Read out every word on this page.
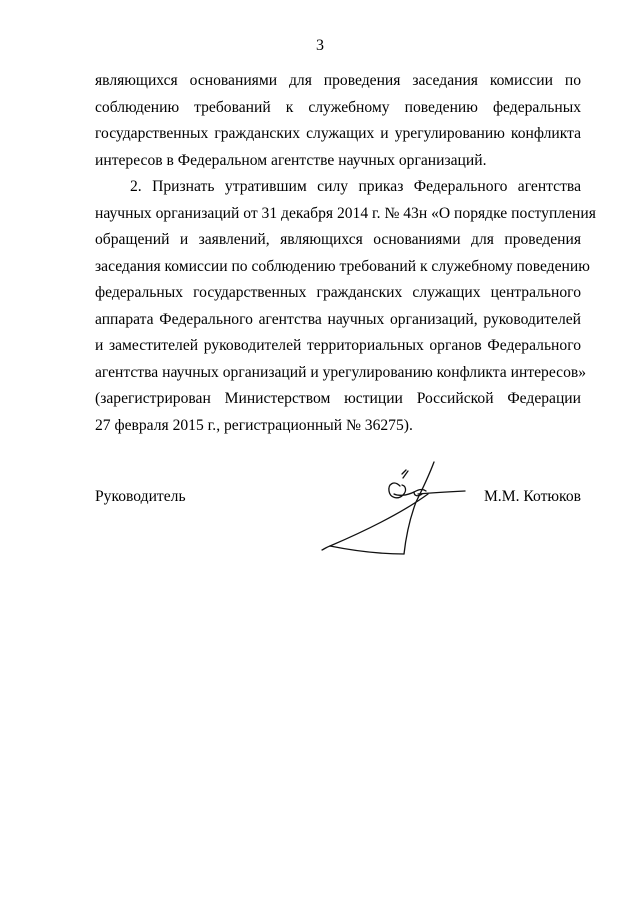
3
являющихся основаниями для проведения заседания комиссии по
соблюдению требований к служебному поведению федеральных
государственных гражданских служащих и урегулированию конфликта
интересов в Федеральном агентстве научных организаций.
2. Признать утратившим силу приказ Федерального агентства
научных организаций от 31 декабря 2014 г. № 43н «О порядке поступления
обращений и заявлений, являющихся основаниями для проведения
заседания комиссии по соблюдению требований к служебному поведению
федеральных государственных гражданских служащих центрального
аппарата Федерального агентства научных организаций, руководителей
и заместителей руководителей территориальных органов Федерального
агентства научных организаций и урегулированию конфликта интересов»
(зарегистрирован Министерством юстиции Российской Федерации
27 февраля 2015 г., регистрационный № 36275).
Руководитель	М.М. Котюков
